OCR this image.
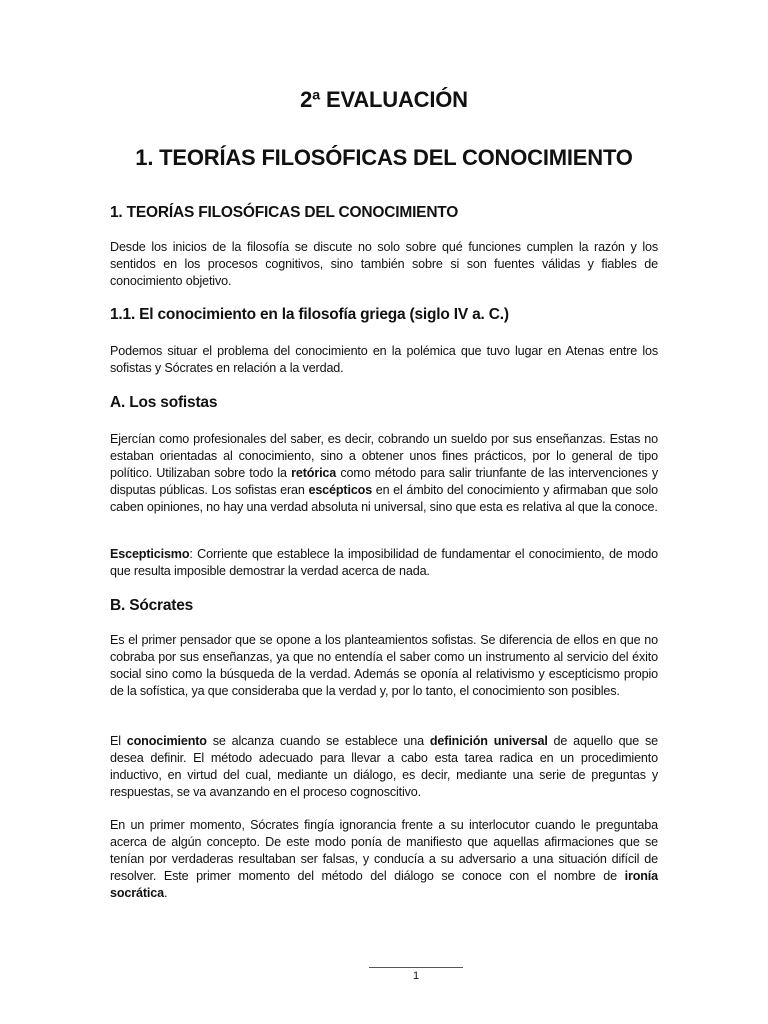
2ª EVALUACIÓN
1. TEORÍAS FILOSÓFICAS DEL CONOCIMIENTO
1. TEORÍAS FILOSÓFICAS DEL CONOCIMIENTO

Desde los inicios de la filosofía se discute no solo sobre qué funciones cumplen la razón y los sentidos en los procesos cognitivos, sino también sobre si son fuentes válidas y fiables de conocimiento objetivo.

1.1. El conocimiento en la filosofía griega (siglo IV a. C.)

Podemos situar el problema del conocimiento en la polémica que tuvo lugar en Atenas entre los sofistas y Sócrates en relación a la verdad.

A. Los sofistas

Ejercían como profesionales del saber, es decir, cobrando un sueldo por sus enseñanzas. Estas no estaban orientadas al conocimiento, sino a obtener unos fines prácticos, por lo general de tipo político. Utilizaban sobre todo la retórica como método para salir triunfante de las intervenciones y disputas públicas. Los sofistas eran escépticos en el ámbito del conocimiento y afirmaban que solo caben opiniones, no hay una verdad absoluta ni universal, sino que esta es relativa al que la conoce.

Escepticismo: Corriente que establece la imposibilidad de fundamentar el conocimiento, de modo que resulta imposible demostrar la verdad acerca de nada.

B. Sócrates

Es el primer pensador que se opone a los planteamientos sofistas. Se diferencia de ellos en que no cobraba por sus enseñanzas, ya que no entendía el saber como un instrumento al servicio del éxito social sino como la búsqueda de la verdad. Además se oponía al relativismo y escepticismo propio de la sofística, ya que consideraba que la verdad y, por lo tanto, el conocimiento son posibles.

El conocimiento se alcanza cuando se establece una definición universal de aquello que se desea definir. El método adecuado para llevar a cabo esta tarea radica en un procedimiento inductivo, en virtud del cual, mediante un diálogo, es decir, mediante una serie de preguntas y respuestas, se va avanzando en el proceso cognoscitivo.

En un primer momento, Sócrates fingía ignorancia frente a su interlocutor cuando le preguntaba acerca de algún concepto. De este modo ponía de manifiesto que aquellas afirmaciones que se tenían por verdaderas resultaban ser falsas, y conducía a su adversario a una situación difícil de resolver. Este primer momento del método del diálogo se conoce con el nombre de ironía socrática.

1
